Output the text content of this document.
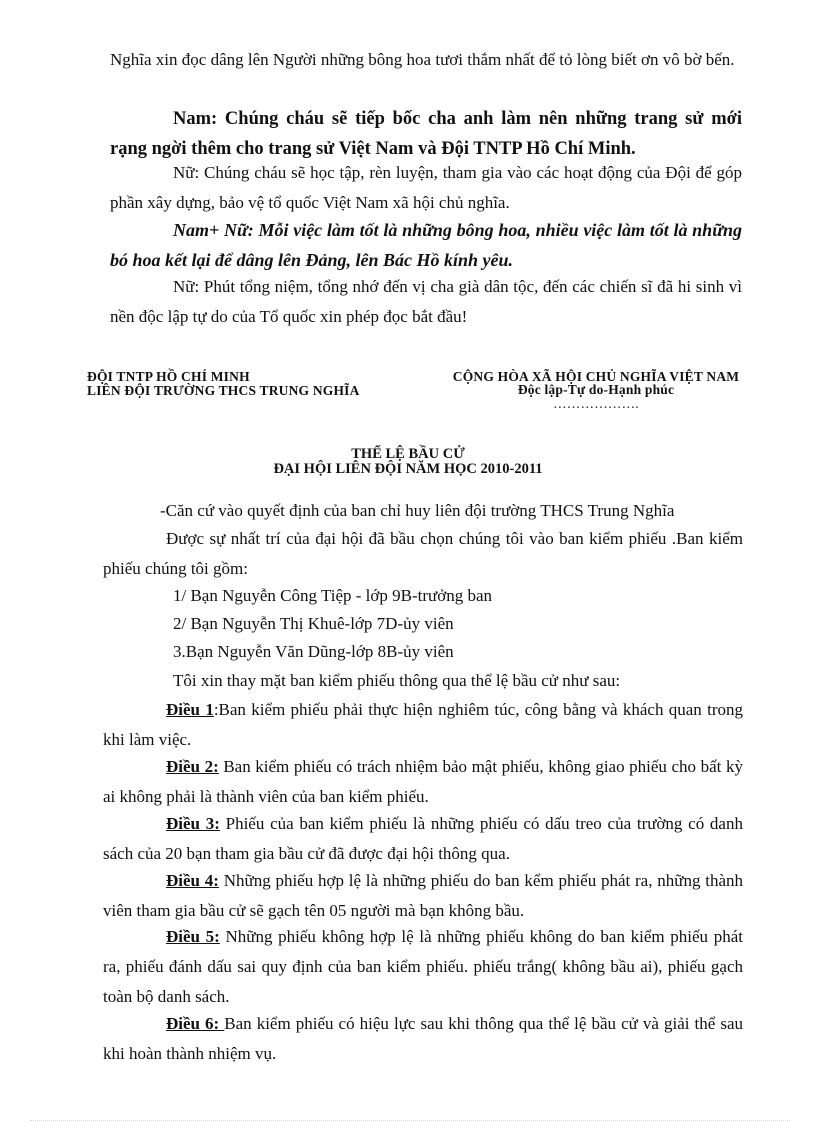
Nghĩa xin đọc dâng lên Người những bông hoa tươi thắm nhất để tỏ lòng biết ơn vô bờ bến.
Nam: Chúng cháu sẽ tiếp bốc cha anh làm nên những trang sử mới rạng ngời thêm cho trang sử Việt Nam và Đội TNTP Hồ Chí Minh.
Nữ: Chúng cháu sẽ học tập, rèn luyện, tham gia vào các hoạt động của Đội để góp phần xây dựng, bảo vệ tổ quốc Việt Nam xã hội chủ nghĩa.
Nam+ Nữ: Mỗi việc làm tốt là những bông hoa, nhiều việc làm tốt là những bó hoa kết lại để dâng lên Đảng, lên Bác Hồ kính yêu.
Nữ: Phút tổng niệm, tổng nhớ đến vị cha già dân tộc, đến các chiến sĩ đã hi sinh vì nền độc lập tự do của Tổ quốc xin phép đọc bắt đầu!
ĐỘI TNTP HỒ CHÍ MINH
LIÊN ĐỘI TRƯỜNG THCS TRUNG NGHĨA
CỘNG HÒA XÃ HỘI CHỦ NGHĨA VIỆT NAM
Độc lập-Tự do-Hạnh phúc
……………….
THỂ LỆ BẦU CỬ
ĐẠI HỘI LIÊN ĐỘI NĂM HỌC 2010-2011
-Căn cứ vào quyết định của ban chỉ huy liên đội trường THCS Trung Nghĩa
Được sự nhất trí của đại hội đã bầu chọn chúng tôi vào ban kiểm phiếu .Ban kiểm phiếu chúng tôi gồm:
1/ Bạn Nguyễn Công Tiệp - lớp 9B-trưởng ban
2/ Bạn Nguyễn Thị Khuê-lớp 7D-ủy viên
3.Bạn Nguyễn Văn Dũng-lớp 8B-ủy viên
Tôi xin thay mặt ban kiểm phiếu thông qua thể lệ bầu cử như sau:
Điều 1:Ban kiểm phiếu phải thực hiện nghiêm túc, công bằng và khách quan trong khi làm việc.
Điều 2: Ban kiểm phiếu có trách nhiệm bảo mật phiếu, không giao phiếu cho bất kỳ ai không phải là thành viên của ban kiểm phiếu.
Điều 3: Phiếu của ban kiểm phiếu là những phiếu có dấu treo của trường có danh sách của 20 bạn tham gia bầu cử đã được đại hội thông qua.
Điều 4: Những phiếu hợp lệ là những phiếu do ban kểm phiếu phát ra, những thành viên tham gia bầu cử sẽ gạch tên 05 người mà bạn không bầu.
Điều 5: Những phiếu không hợp lệ là những phiếu không do ban kiểm phiếu phát ra, phiếu đánh dấu sai quy định của ban kiểm phiếu. phiếu trắng( không bầu ai), phiếu gạch toàn bộ danh sách.
Điều 6: Ban kiểm phiếu có hiệu lực sau khi thông qua thể lệ bầu cử và giải thể sau khi hoàn thành nhiệm vụ.
